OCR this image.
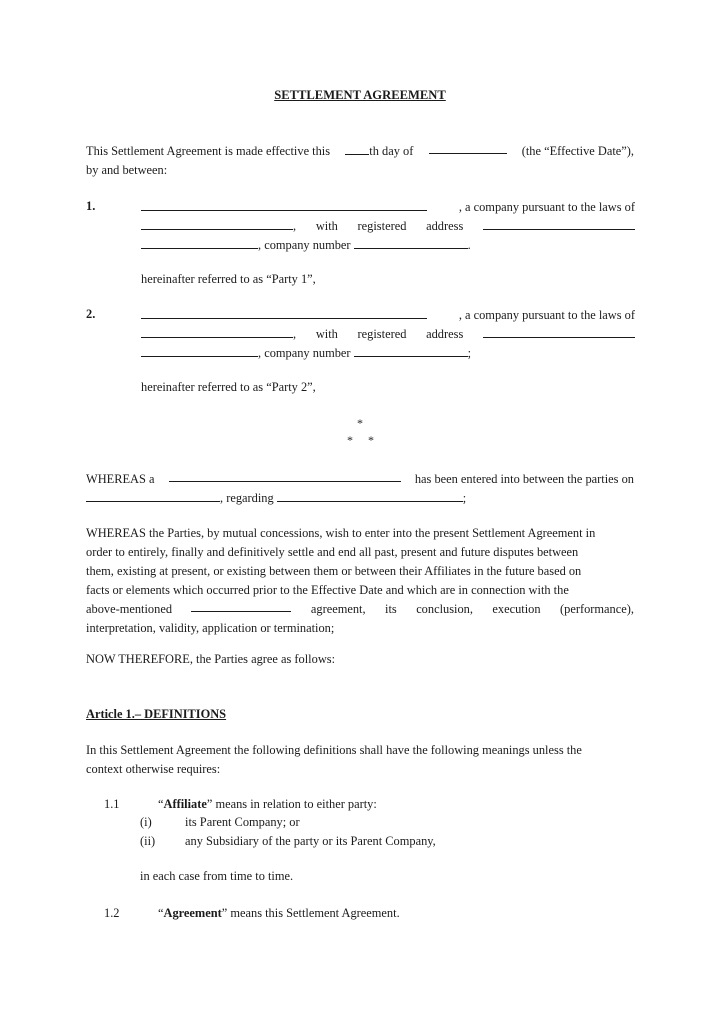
SETTLEMENT AGREEMENT
This Settlement Agreement is made effective this	th day of	(the “Effective Date”),
by and between:
1.	, a company pursuant to the laws of
, with registered address
, company number	.
hereinafter referred to as “Party 1”,
2.	, a company pursuant to the laws of
, with registered address
, company number	;
hereinafter referred to as “Party 2”,
*
* *
WHEREAS a	has been entered into between the parties on
, regarding	;
WHEREAS the Parties, by mutual concessions, wish to enter into the present Settlement Agreement in
order to entirely, finally and definitively settle and end all past, present and future disputes between
them, existing at present, or existing between them or between their Affiliates in the future based on
facts or elements which occurred prior to the Effective Date and which are in connection with the
above-mentioned	agreement, its conclusion, execution (performance),
interpretation, validity, application or termination;
NOW THEREFORE, the Parties agree as follows:
Article 1.– DEFINITIONS
In this Settlement Agreement the following definitions shall have the following meanings unless the
context otherwise requires:
1.1	“Affiliate” means in relation to either party:
(i)	its Parent Company; or
(ii) any Subsidiary of the party or its Parent Company,
in each case from time to time.
1.2	“Agreement” means this Settlement Agreement.
